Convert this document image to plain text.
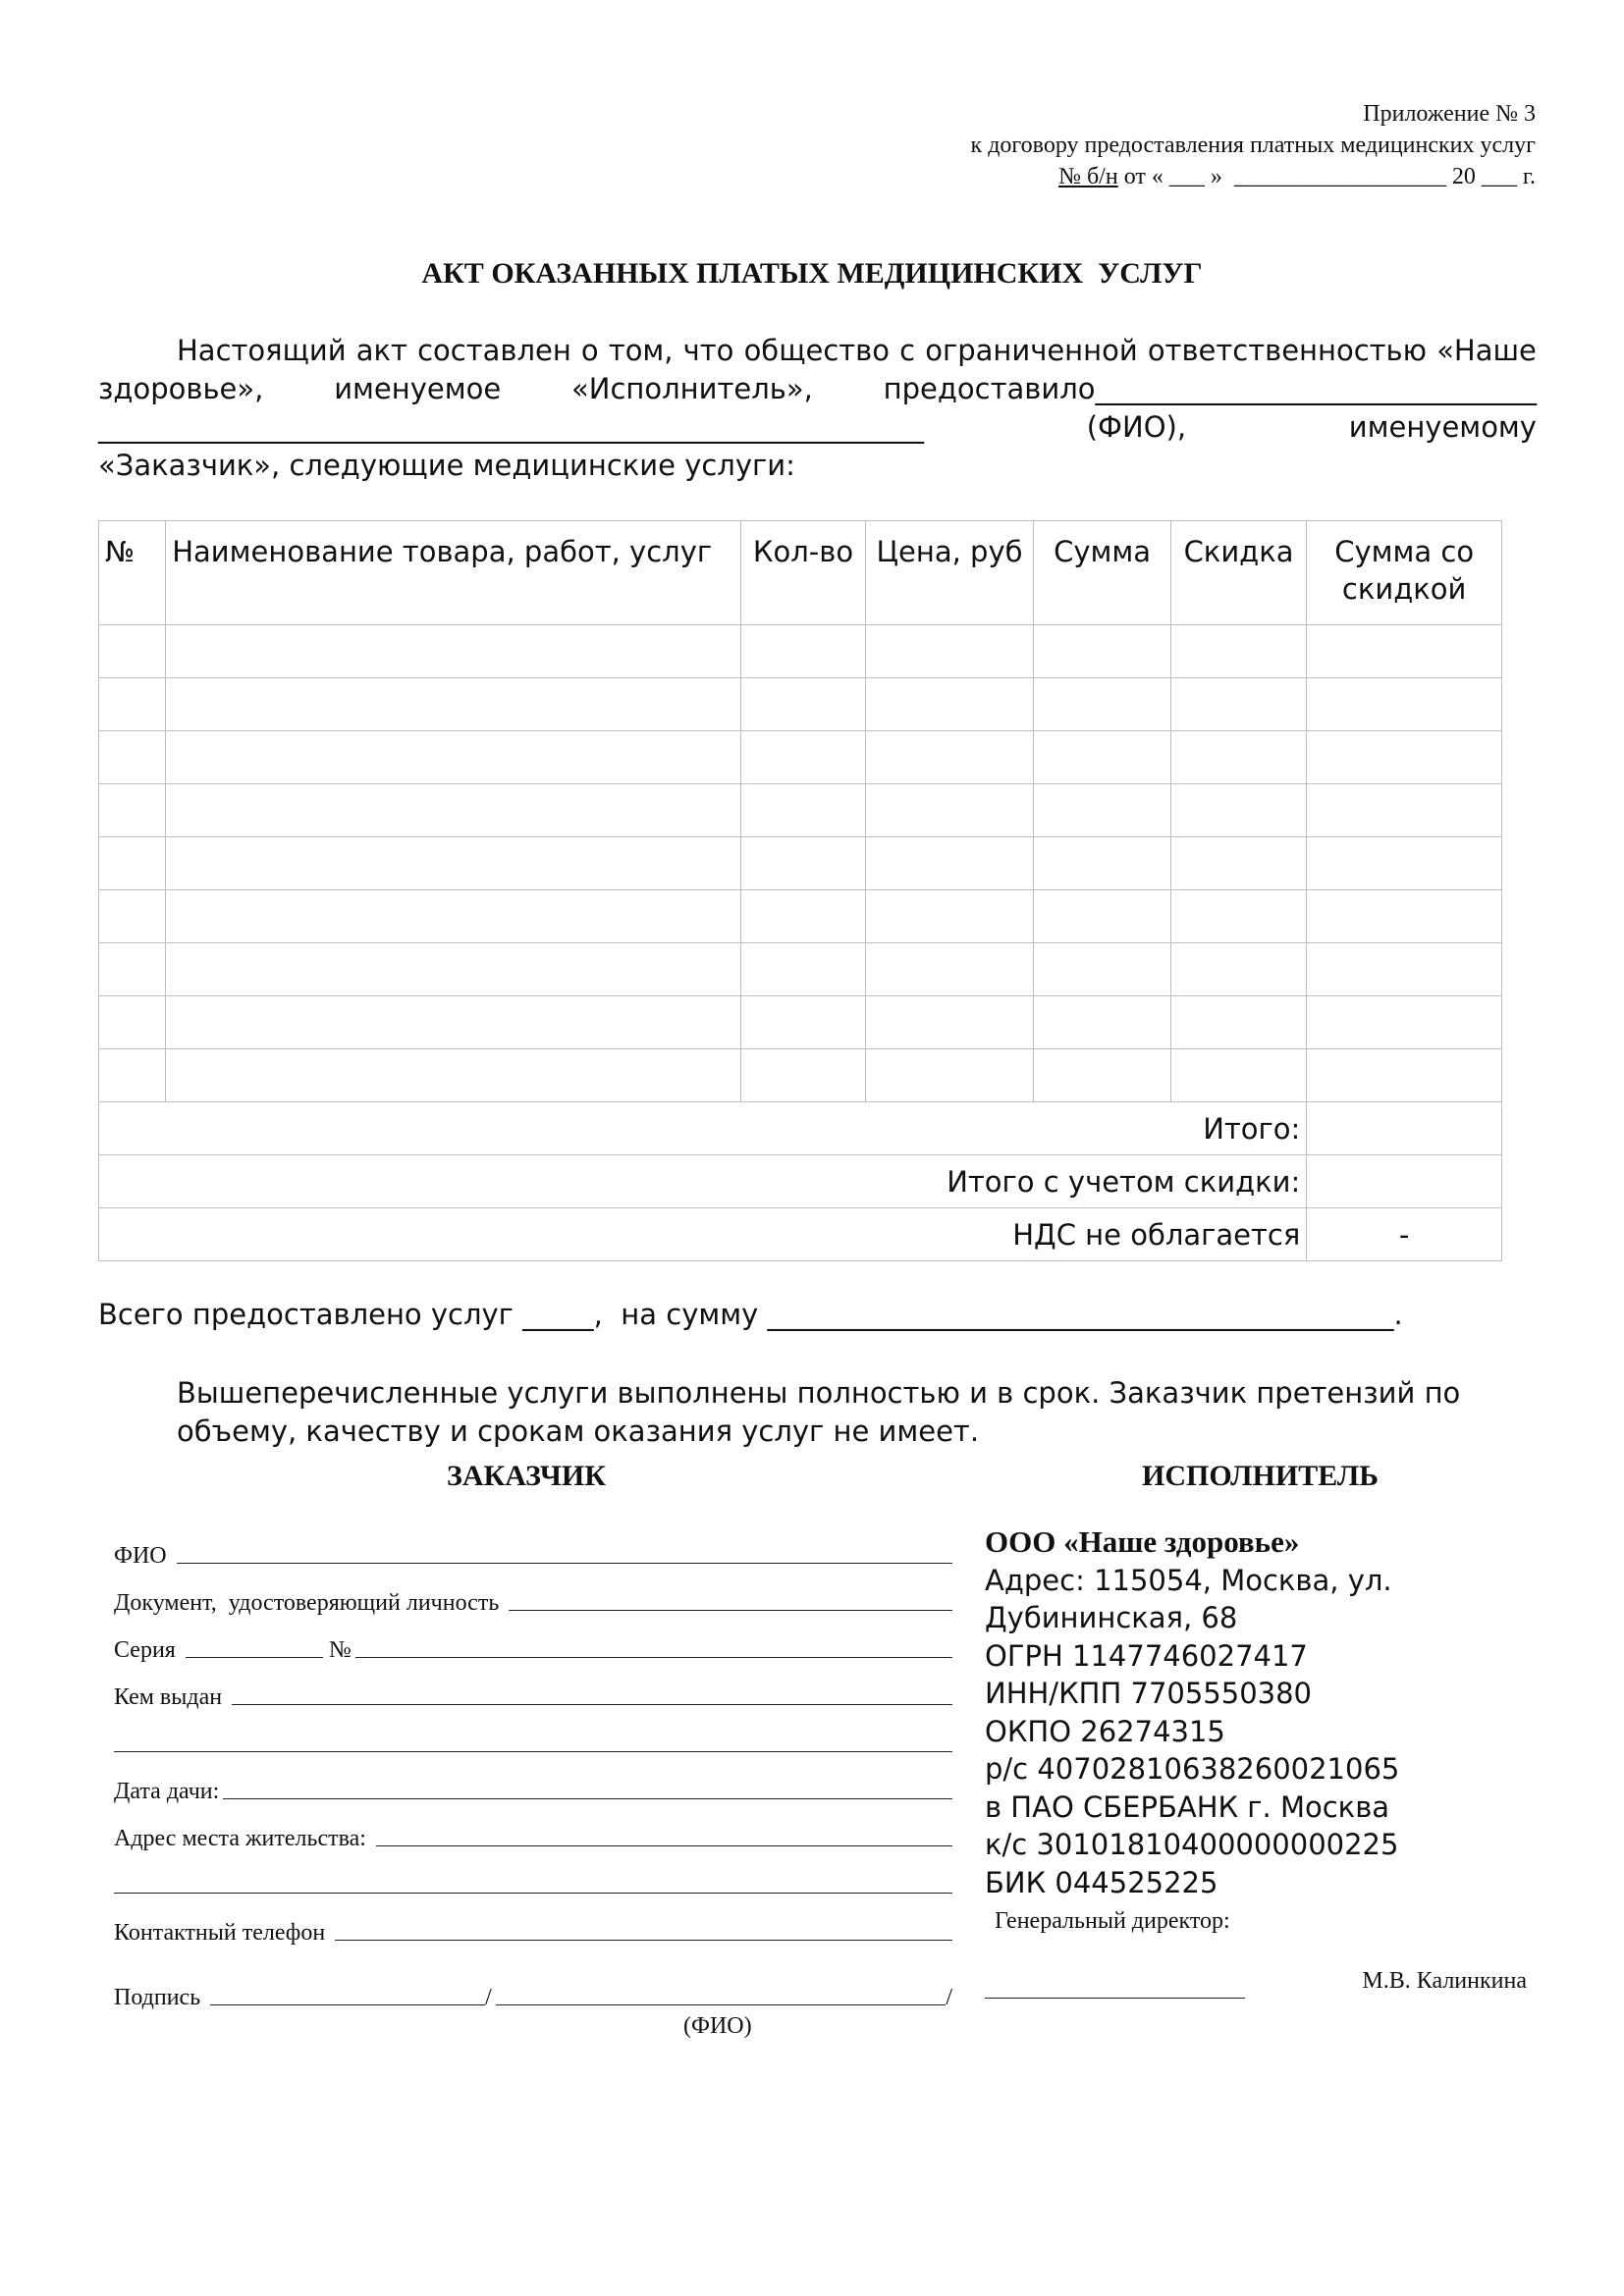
Приложение № 3
к договору предоставления платных медицинских услуг
№ б/н от « ___ »  __________________ 20 ___ г.
АКТ ОКАЗАННЫХ ПЛАТЫХ МЕДИЦИНСКИХ  УСЛУГ
Настоящий акт составлен о том, что общество с ограниченной ответственностью «Наше
здоровье», именуемое «Исполнитель», предоставило_______________________________
__________________________________________________________	(ФИО),	именуемому
«Заказчик», следующие медицинские услуги:
№	Наименование товара, работ, услуг	Кол-во	Цена, руб	Сумма	Скидка	Сумма со скидкой

Итого:						
Итого с учетом скидки:						
НДС не облагается						-
Всего предоставлено услуг _____,  на сумму ____________________________________________.
Вышеперечисленные услуги выполнены полностью и в срок. Заказчик претензий по объему, качеству и срокам оказания услуг не имеет.
ЗАКАЗЧИК	ИСПОЛНИТЕЛЬ
ФИО
Документ,  удостоверяющий личность
Серия	№
Кем выдан
Дата дачи:
Адрес места жительства:
Контактный телефон
Подпись	/	/
(ФИО)
ООО «Наше здоровье»
Адрес: 115054, Москва, ул.
Дубининская, 68
ОГРН 1147746027417
ИНН/КПП 7705550380
ОКПО 26274315
р/с 40702810638260021065
в ПАО СБЕРБАНК г. Москва
к/с 30101810400000000225
БИК 044525225
Генеральный директор:
М.В. Калинкина
